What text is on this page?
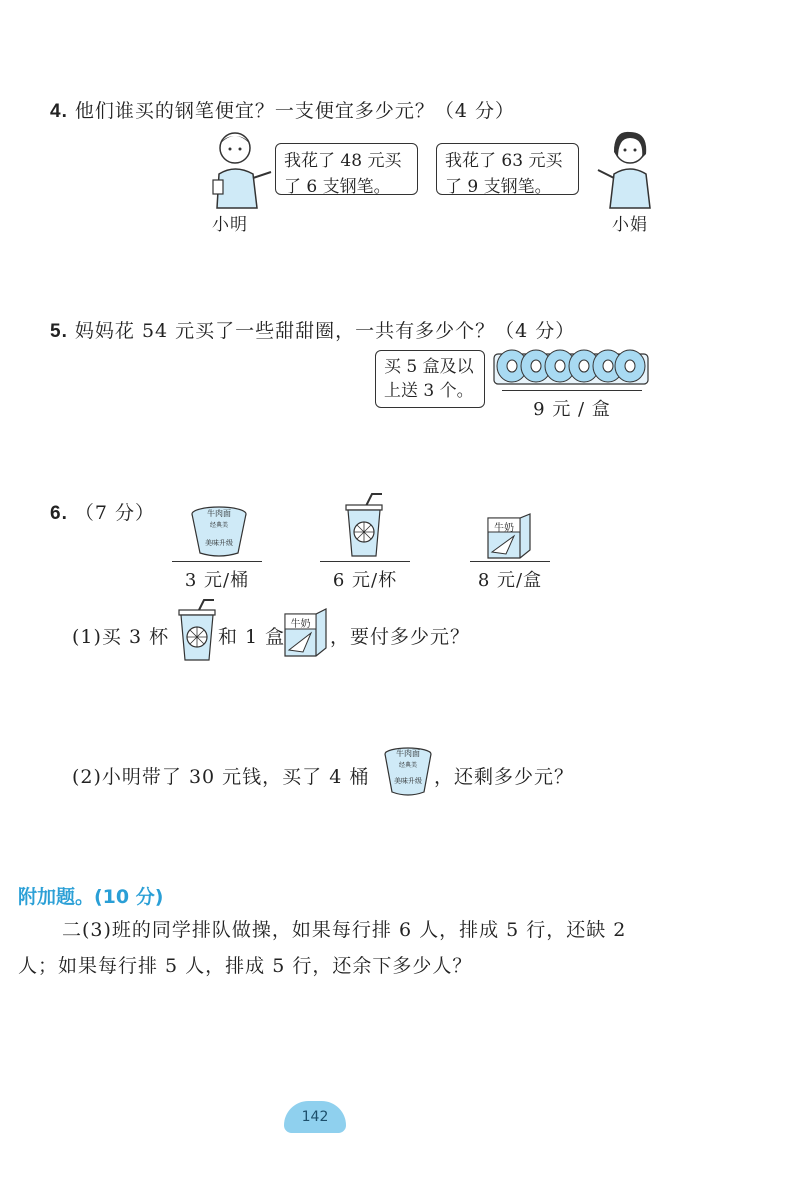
4. 他们谁买的钢笔便宜？一支便宜多少元？（4 分）
我花了 48 元买
了 6 支钢笔。
小明
我花了 63 元买
了 9 支钢笔。
小娟
5. 妈妈花 54 元买了一些甜甜圈，一共有多少个？（4 分）
买 5 盒及以
上送 3 个。
9 元 / 盒
6. （7 分）	牛肉面
经典美
美味升级
3 元/桶	6 元/杯
牛奶
8 元/盒
(1)买 3 杯	和 1 盒
牛奶
，要付多少元？
(2)小明带了 30 元钱，买了 4 桶
牛肉面
经典美
美味升级 ，还剩多少元？
附加题。(10 分)
二(3)班的同学排队做操，如果每行排 6 人，排成 5 行，还缺 2
人；如果每行排 5 人，排成 5 行，还余下多少人？
142
